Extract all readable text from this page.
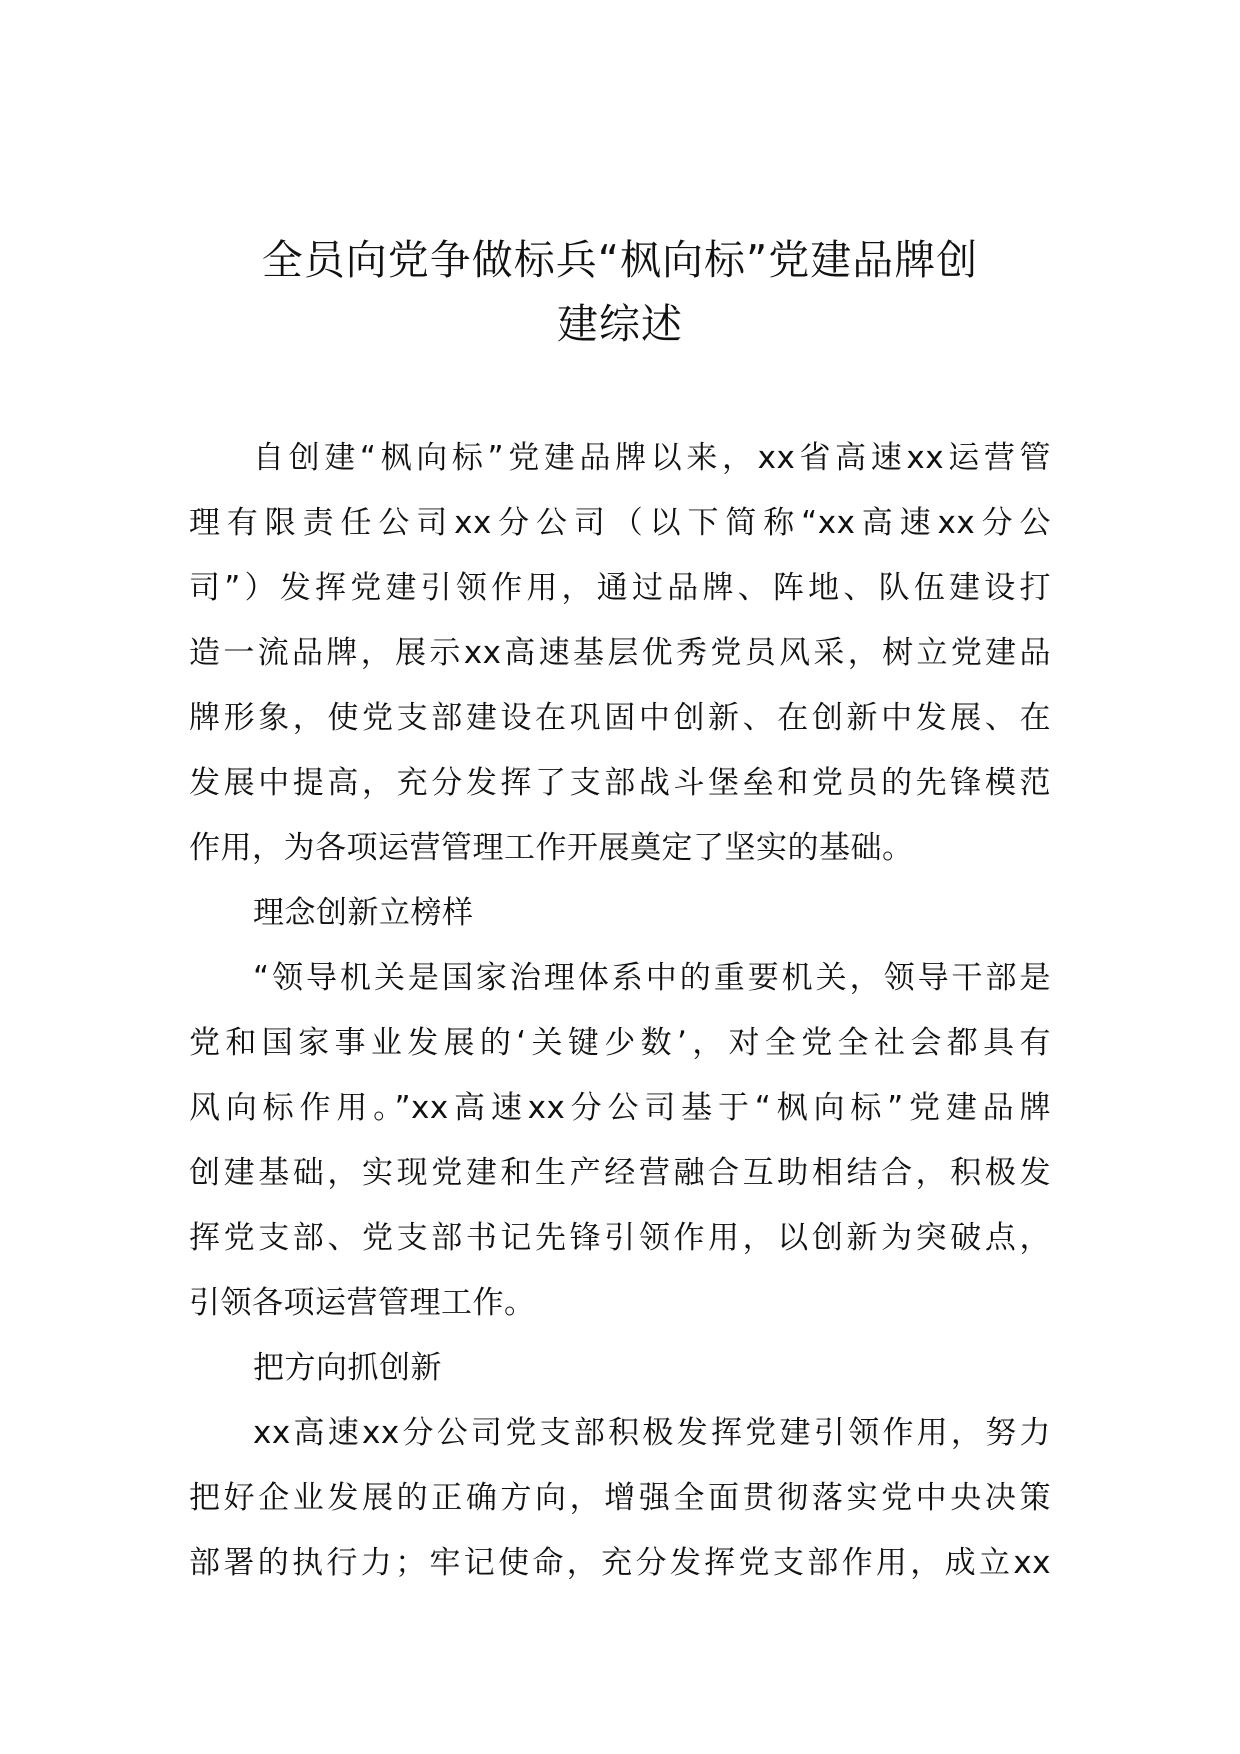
全员向党争做标兵“枫向标”党建品牌创
建综述
自创建“枫向标”党建品牌以来，xx省高速xx运营管
理有限责任公司xx分公司（以下简称“xx高速xx分公
司”）发挥党建引领作用，通过品牌、阵地、队伍建设打
造一流品牌，展示xx高速基层优秀党员风采，树立党建品
牌形象，使党支部建设在巩固中创新、在创新中发展、在
发展中提高，充分发挥了支部战斗堡垒和党员的先锋模范
作用，为各项运营管理工作开展奠定了坚实的基础。
理念创新立榜样
“领导机关是国家治理体系中的重要机关，领导干部是
党和国家事业发展的‘关键少数’，对全党全社会都具有
风向标作用。”xx高速xx分公司基于“枫向标”党建品牌
创建基础，实现党建和生产经营融合互助相结合，积极发
挥党支部、党支部书记先锋引领作用，以创新为突破点，
引领各项运营管理工作。
把方向抓创新
xx高速xx分公司党支部积极发挥党建引领作用，努力
把好企业发展的正确方向，增强全面贯彻落实党中央决策
部署的执行力；牢记使命，充分发挥党支部作用，成立xx
